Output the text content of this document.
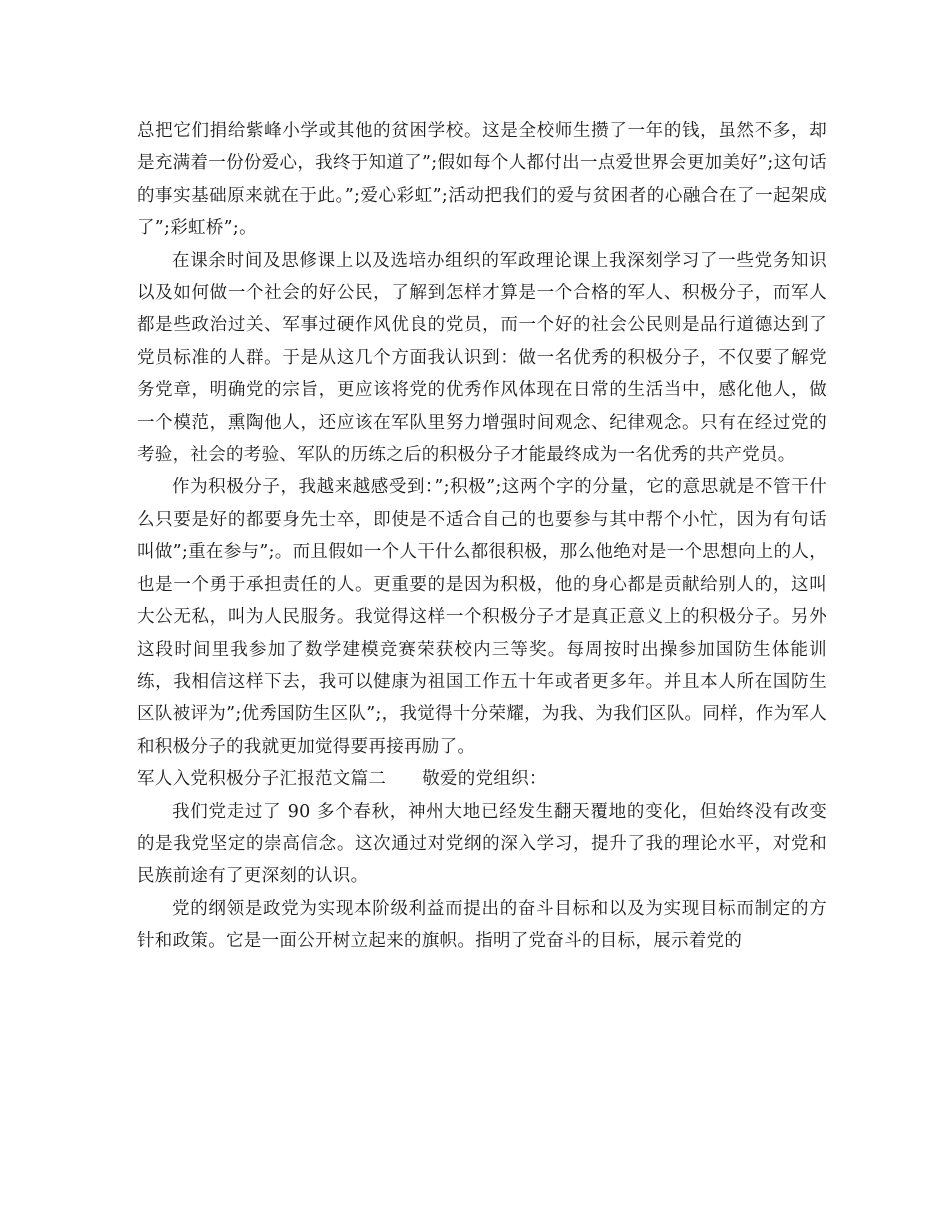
总把它们捐给紫峰小学或其他的贫困学校。这是全校师生攒了一年的钱，虽然不多，却是充满着一份份爱心，我终于知道了”;假如每个人都付出一点爱世界会更加美好”;这句话的事实基础原来就在于此。”;爱心彩虹”;活动把我们的爱与贫困者的心融合在了一起架成了”;彩虹桥”;。

在课余时间及思修课上以及选培办组织的军政理论课上我深刻学习了一些党务知识以及如何做一个社会的好公民，了解到怎样才算是一个合格的军人、积极分子，而军人都是些政治过关、军事过硬作风优良的党员，而一个好的社会公民则是品行道德达到了党员标准的人群。于是从这几个方面我认识到：做一名优秀的积极分子，不仅要了解党务党章，明确党的宗旨，更应该将党的优秀作风体现在日常的生活当中，感化他人，做一个模范，熏陶他人，还应该在军队里努力增强时间观念、纪律观念。只有在经过党的考验，社会的考验、军队的历练之后的积极分子才能最终成为一名优秀的共产党员。

作为积极分子，我越来越感受到：”;积极”;这两个字的分量，它的意思就是不管干什么只要是好的都要身先士卒，即使是不适合自己的也要参与其中帮个小忙，因为有句话叫做”;重在参与”;。而且假如一个人干什么都很积极，那么他绝对是一个思想向上的人，也是一个勇于承担责任的人。更重要的是因为积极，他的身心都是贡献给别人的，这叫大公无私，叫为人民服务。我觉得这样一个积极分子才是真正意义上的积极分子。另外这段时间里我参加了数学建模竞赛荣获校内三等奖。每周按时出操参加国防生体能训练，我相信这样下去，我可以健康为祖国工作五十年或者更多年。并且本人所在国防生区队被评为”;优秀国防生区队”;，我觉得十分荣耀，为我、为我们区队。同样，作为军人和积极分子的我就更加觉得要再接再励了。

军人入党积极分子汇报范文篇二 敬爱的党组织：

我们党走过了 90 多个春秋，神州大地已经发生翻天覆地的变化，但始终没有改变的是我党坚定的崇高信念。这次通过对党纲的深入学习，提升了我的理论水平，对党和民族前途有了更深刻的认识。

党的纲领是政党为实现本阶级利益而提出的奋斗目标和以及为实现目标而制定的方针和政策。它是一面公开树立起来的旗帜。指明了党奋斗的目标，展示着党的
